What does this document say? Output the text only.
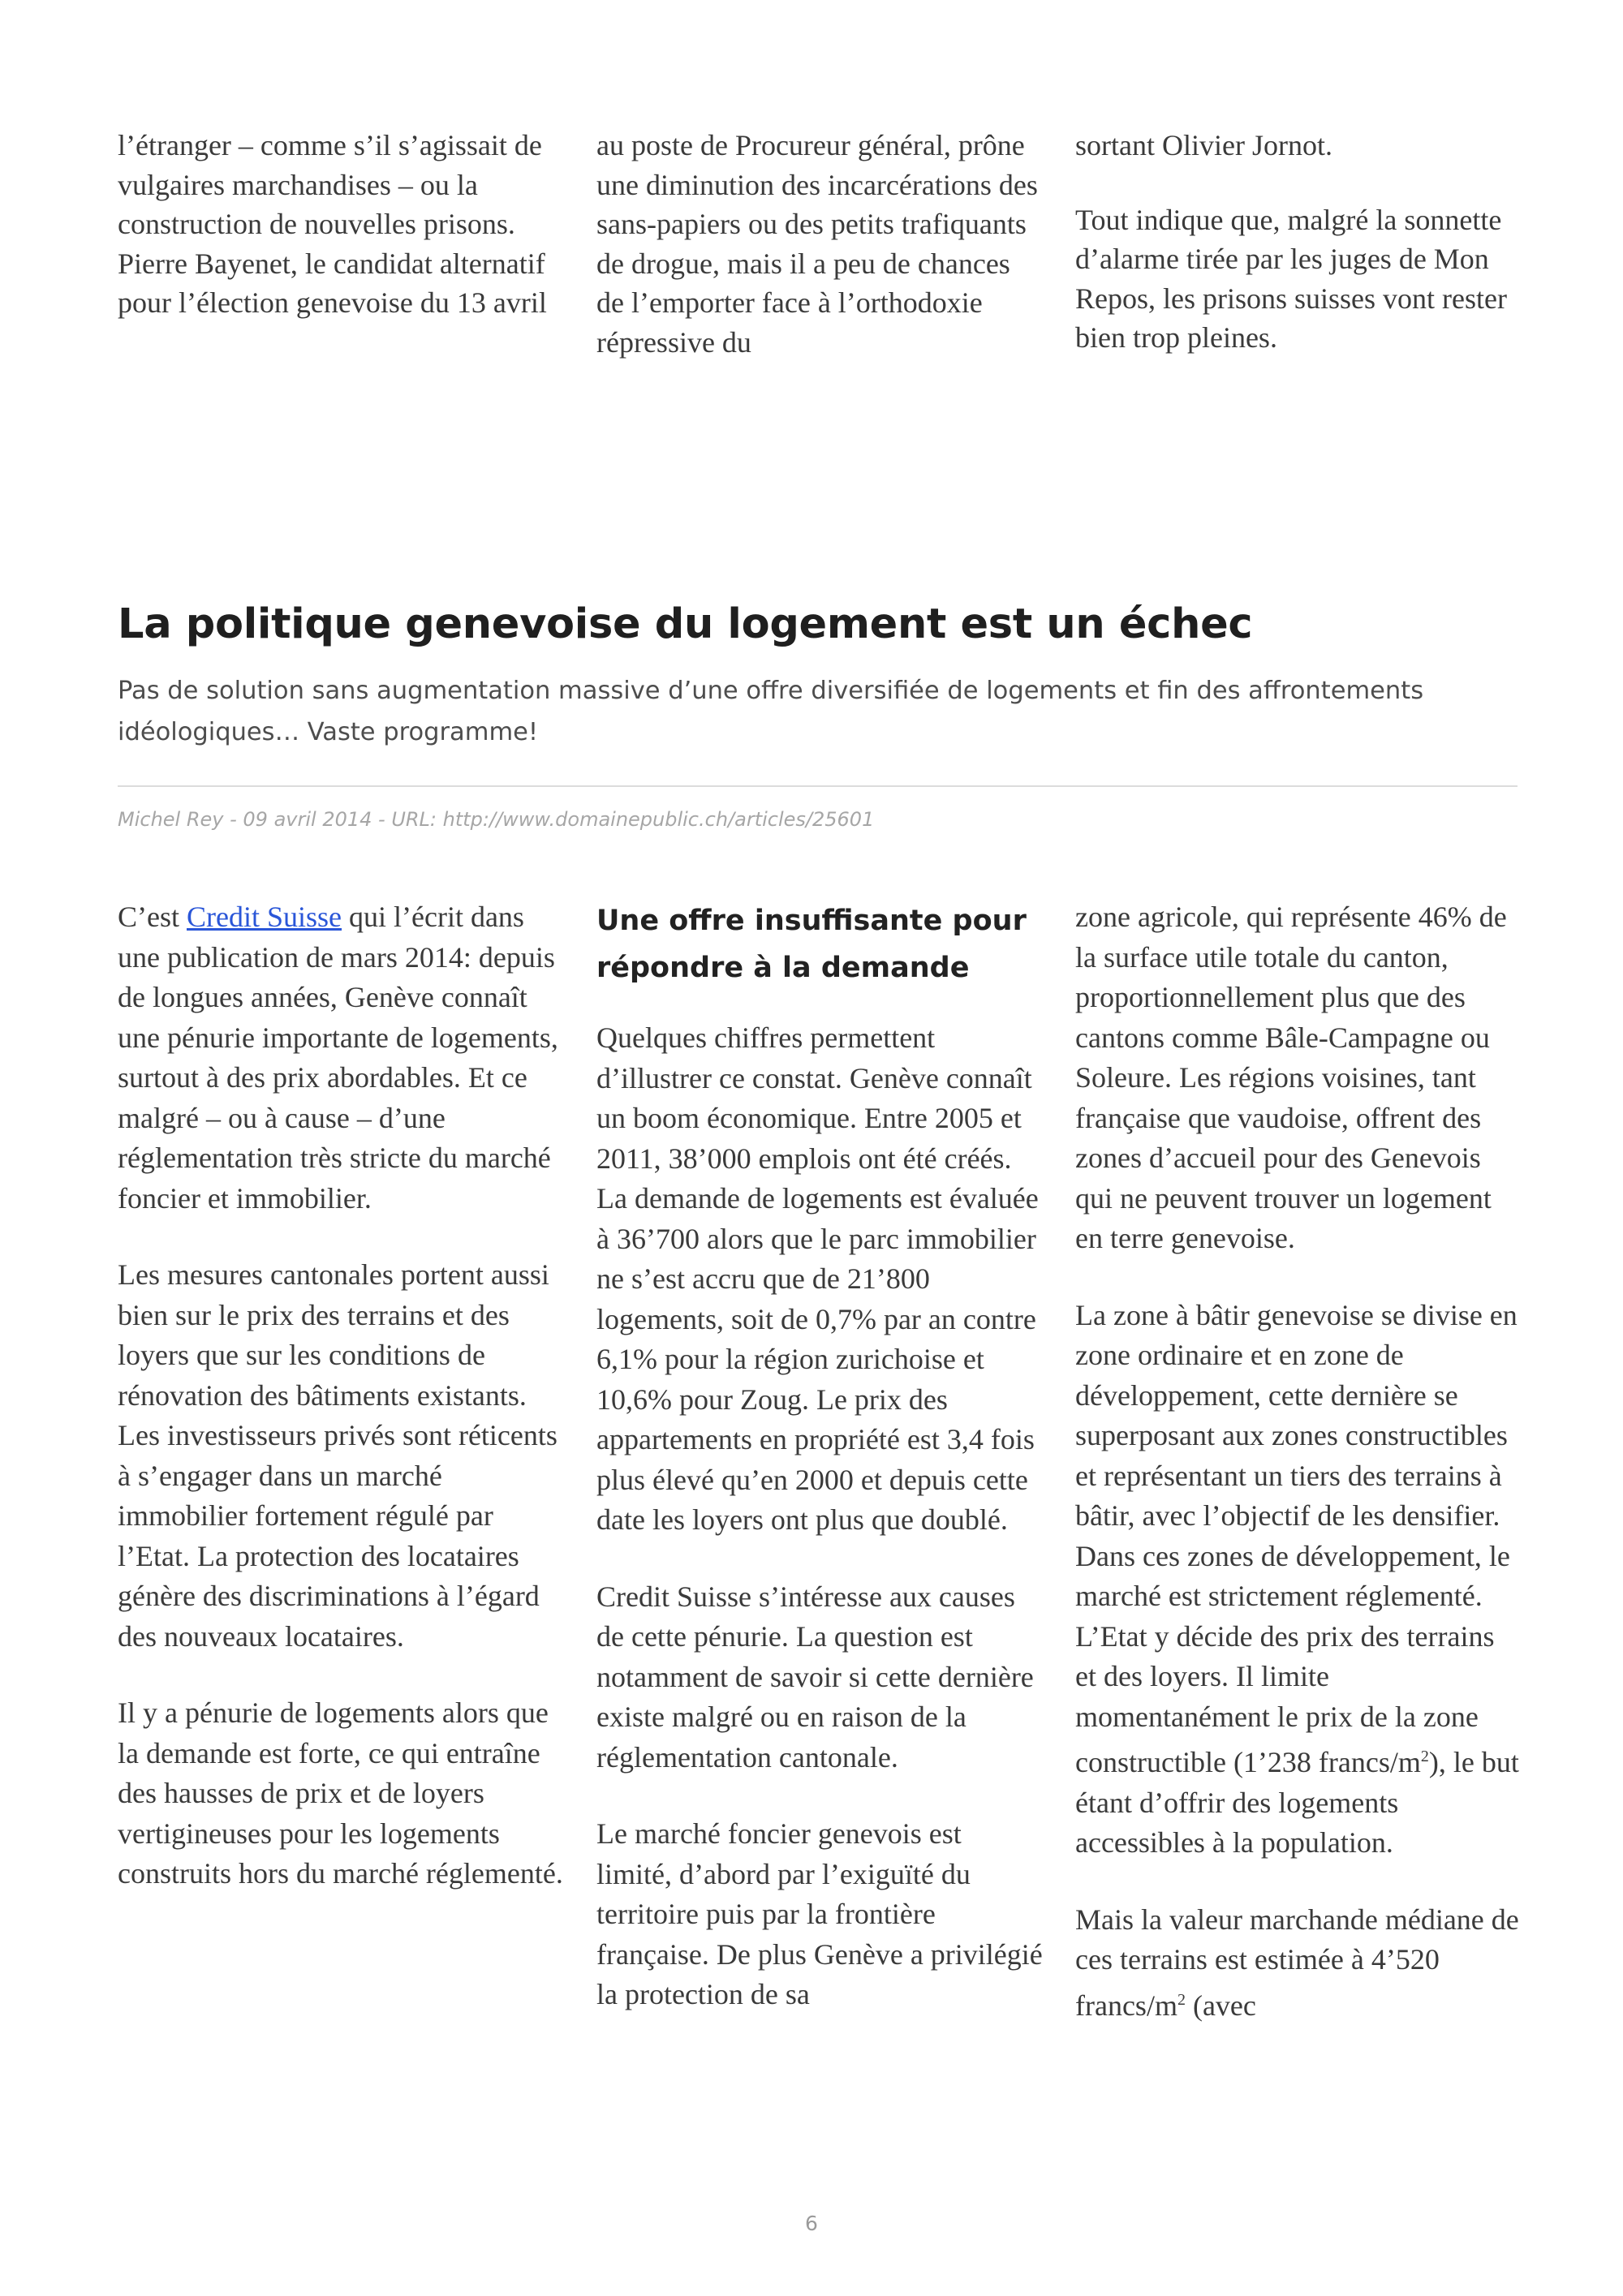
l’étranger – comme s’il s’agissait de vulgaires marchandises – ou la construction de nouvelles prisons. Pierre Bayenet, le candidat alternatif pour l’élection genevoise du 13 avril

au poste de Procureur général, prône une diminution des incarcérations des sans-papiers ou des petits trafiquants de drogue, mais il a peu de chances de l’emporter face à l’orthodoxie répressive du

sortant Olivier Jornot.

Tout indique que, malgré la sonnette d’alarme tirée par les juges de Mon Repos, les prisons suisses vont rester bien trop pleines.

La politique genevoise du logement est un échec

Pas de solution sans augmentation massive d’une offre diversifiée de logements et fin des affrontements idéologiques… Vaste programme!

Michel Rey - 09 avril 2014 - URL: http://www.domainepublic.ch/articles/25601

C’est Credit Suisse qui l’écrit dans une publication de mars 2014: depuis de longues années, Genève connaît une pénurie importante de logements, surtout à des prix abordables. Et ce malgré – ou à cause – d’une réglementation très stricte du marché foncier et immobilier.

Les mesures cantonales portent aussi bien sur le prix des terrains et des loyers que sur les conditions de rénovation des bâtiments existants. Les investisseurs privés sont réticents à s’engager dans un marché immobilier fortement régulé par l’Etat. La protection des locataires génère des discriminations à l’égard des nouveaux locataires.

Il y a pénurie de logements alors que la demande est forte, ce qui entraîne des hausses de prix et de loyers vertigineuses pour les logements construits hors du marché réglementé.

Une offre insuffisante pour répondre à la demande

Quelques chiffres permettent d’illustrer ce constat. Genève connaît un boom économique. Entre 2005 et 2011, 38’000 emplois ont été créés. La demande de logements est évaluée à 36’700 alors que le parc immobilier ne s’est accru que de 21’800 logements, soit de 0,7% par an contre 6,1% pour la région zurichoise et 10,6% pour Zoug. Le prix des appartements en propriété est 3,4 fois plus élevé qu’en 2000 et depuis cette date les loyers ont plus que doublé.

Credit Suisse s’intéresse aux causes de cette pénurie. La question est notamment de savoir si cette dernière existe malgré ou en raison de la réglementation cantonale.

Le marché foncier genevois est limité, d’abord par l’exiguïté du territoire puis par la frontière française. De plus Genève a privilégié la protection de sa

zone agricole, qui représente 46% de la surface utile totale du canton, proportionnellement plus que des cantons comme Bâle-Campagne ou Soleure. Les régions voisines, tant française que vaudoise, offrent des zones d’accueil pour des Genevois qui ne peuvent trouver un logement en terre genevoise.

La zone à bâtir genevoise se divise en zone ordinaire et en zone de développement, cette dernière se superposant aux zones constructibles et représentant un tiers des terrains à bâtir, avec l’objectif de les densifier. Dans ces zones de développement, le marché est strictement réglementé. L’Etat y décide des prix des terrains et des loyers. Il limite momentanément le prix de la zone constructible (1’238 francs/$m^2$), le but étant d’offrir des logements accessibles à la population.

Mais la valeur marchande médiane de ces terrains est estimée à 4’520 francs/$m^2$ (avec

6
